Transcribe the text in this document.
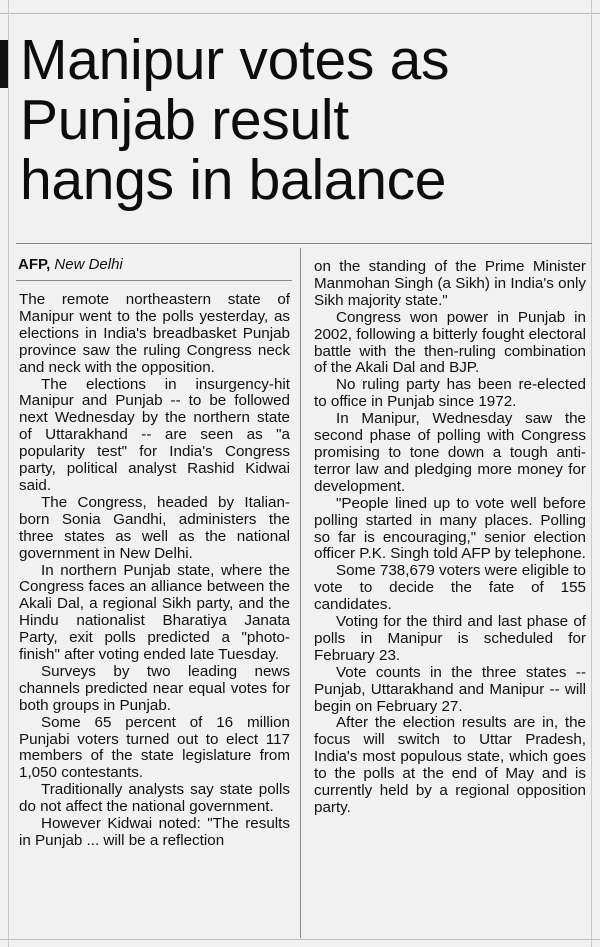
Manipur votes as
Punjab result
hangs in balance
AFP, New Delhi

The remote northeastern state of Manipur went to the polls yesterday, as elections in India's breadbasket Punjab province saw the ruling Congress neck and neck with the opposition.

The elections in insurgency-hit Manipur and Punjab -- to be followed next Wednesday by the northern state of Uttarakhand -- are seen as "a popularity test" for India's Congress party, political analyst Rashid Kidwai said.

The Congress, headed by Italian-born Sonia Gandhi, administers the three states as well as the national government in New Delhi.

In northern Punjab state, where the Congress faces an alliance between the Akali Dal, a regional Sikh party, and the Hindu nationalist Bharatiya Janata Party, exit polls predicted a "photo-finish" after voting ended late Tuesday.

Surveys by two leading news channels predicted near equal votes for both groups in Punjab.

Some 65 percent of 16 million Punjabi voters turned out to elect 117 members of the state legislature from 1,050 contestants.

Traditionally analysts say state polls do not affect the national government.

However Kidwai noted: "The results in Punjab ... will be a reflection

on the standing of the Prime Minister Manmohan Singh (a Sikh) in India's only Sikh majority state."

Congress won power in Punjab in 2002, following a bitterly fought electoral battle with the then-ruling combination of the Akali Dal and BJP.

No ruling party has been re-elected to office in Punjab since 1972.

In Manipur, Wednesday saw the second phase of polling with Congress promising to tone down a tough anti-terror law and pledging more money for development.

"People lined up to vote well before polling started in many places. Polling so far is encouraging," senior election officer P.K. Singh told AFP by telephone.

Some 738,679 voters were eligible to vote to decide the fate of 155 candidates.

Voting for the third and last phase of polls in Manipur is scheduled for February 23.

Vote counts in the three states -- Punjab, Uttarakhand and Manipur -- will begin on February 27.

After the election results are in, the focus will switch to Uttar Pradesh, India's most populous state, which goes to the polls at the end of May and is currently held by a regional opposition party.
